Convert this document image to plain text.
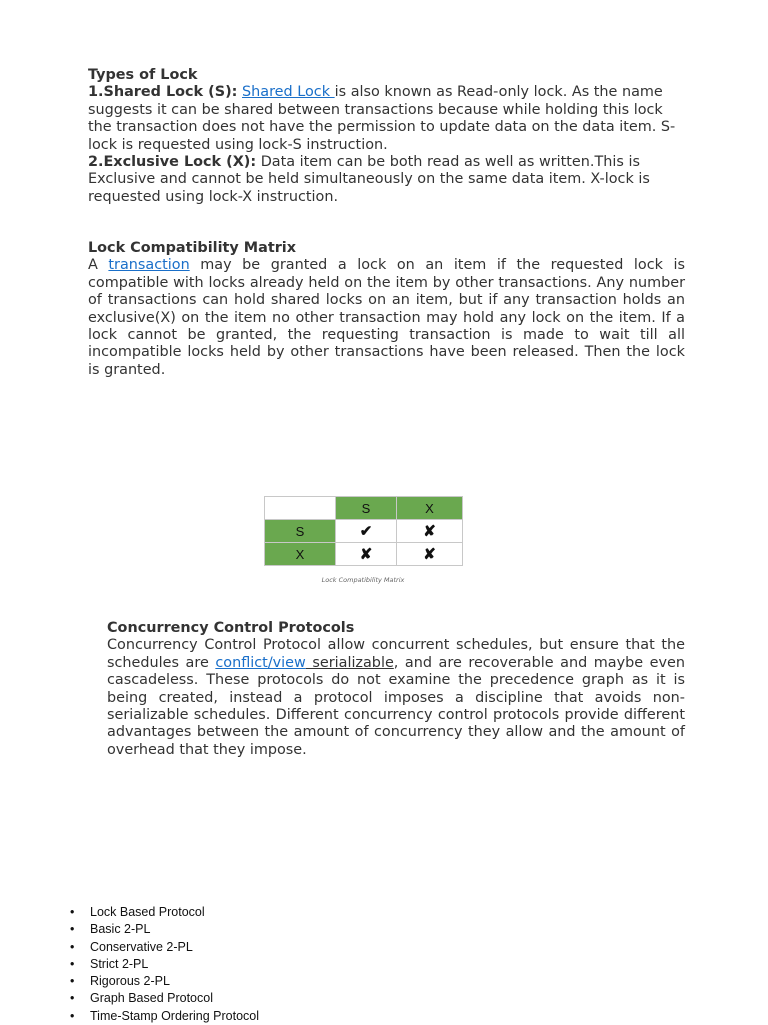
Types of Lock
1.Shared Lock (S): Shared Lock is also known as Read-only lock. As the name suggests it can be shared between transactions because while holding this lock the transaction does not have the permission to update data on the data item. S-lock is requested using lock-S instruction.
2.Exclusive Lock (X): Data item can be both read as well as written.This is Exclusive and cannot be held simultaneously on the same data item. X-lock is requested using lock-X instruction.
Lock Compatibility Matrix
A transaction may be granted a lock on an item if the requested lock is compatible with locks already held on the item by other transactions. Any number of transactions can hold shared locks on an item, but if any transaction holds an exclusive(X) on the item no other transaction may hold any lock on the item. If a lock cannot be granted, the requesting transaction is made to wait till all incompatible locks held by other transactions have been released. Then the lock is granted.
	S	X
S	✔	✘
X	✘	✘
Lock Compatibility Matrix
Concurrency Control Protocols
Concurrency Control Protocol allow concurrent schedules, but ensure that the schedules are conflict/view serializable, and are recoverable and maybe even cascadeless. These protocols do not examine the precedence graph as it is being created, instead a protocol imposes a discipline that avoids non-serializable schedules. Different concurrency control protocols provide different advantages between the amount of concurrency they allow and the amount of overhead that they impose.
• Lock Based Protocol
• Basic 2-PL
• Conservative 2-PL
• Strict 2-PL
• Rigorous 2-PL
• Graph Based Protocol
• Time-Stamp Ordering Protocol
